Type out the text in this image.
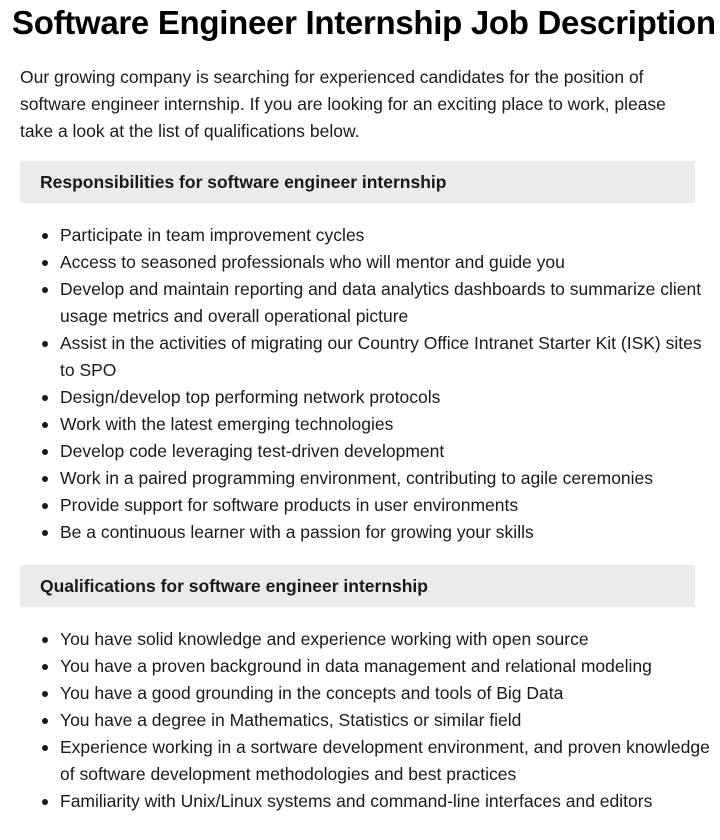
Software Engineer Internship Job Description

Our growing company is searching for experienced candidates for the position of software engineer internship. If you are looking for an exciting place to work, please take a look at the list of qualifications below.

Responsibilities for software engineer internship
Participate in team improvement cycles
Access to seasoned professionals who will mentor and guide you
Develop and maintain reporting and data analytics dashboards to summarize client usage metrics and overall operational picture
Assist in the activities of migrating our Country Office Intranet Starter Kit (ISK) sites to SPO
Design/develop top performing network protocols
Work with the latest emerging technologies
Develop code leveraging test-driven development
Work in a paired programming environment, contributing to agile ceremonies
Provide support for software products in user environments
Be a continuous learner with a passion for growing your skills
Qualifications for software engineer internship
You have solid knowledge and experience working with open source
You have a proven background in data management and relational modeling
You have a good grounding in the concepts and tools of Big Data
You have a degree in Mathematics, Statistics or similar field
Experience working in a sortware development environment, and proven knowledge of software development methodologies and best practices
Familiarity with Unix/Linux systems and command-line interfaces and editors
